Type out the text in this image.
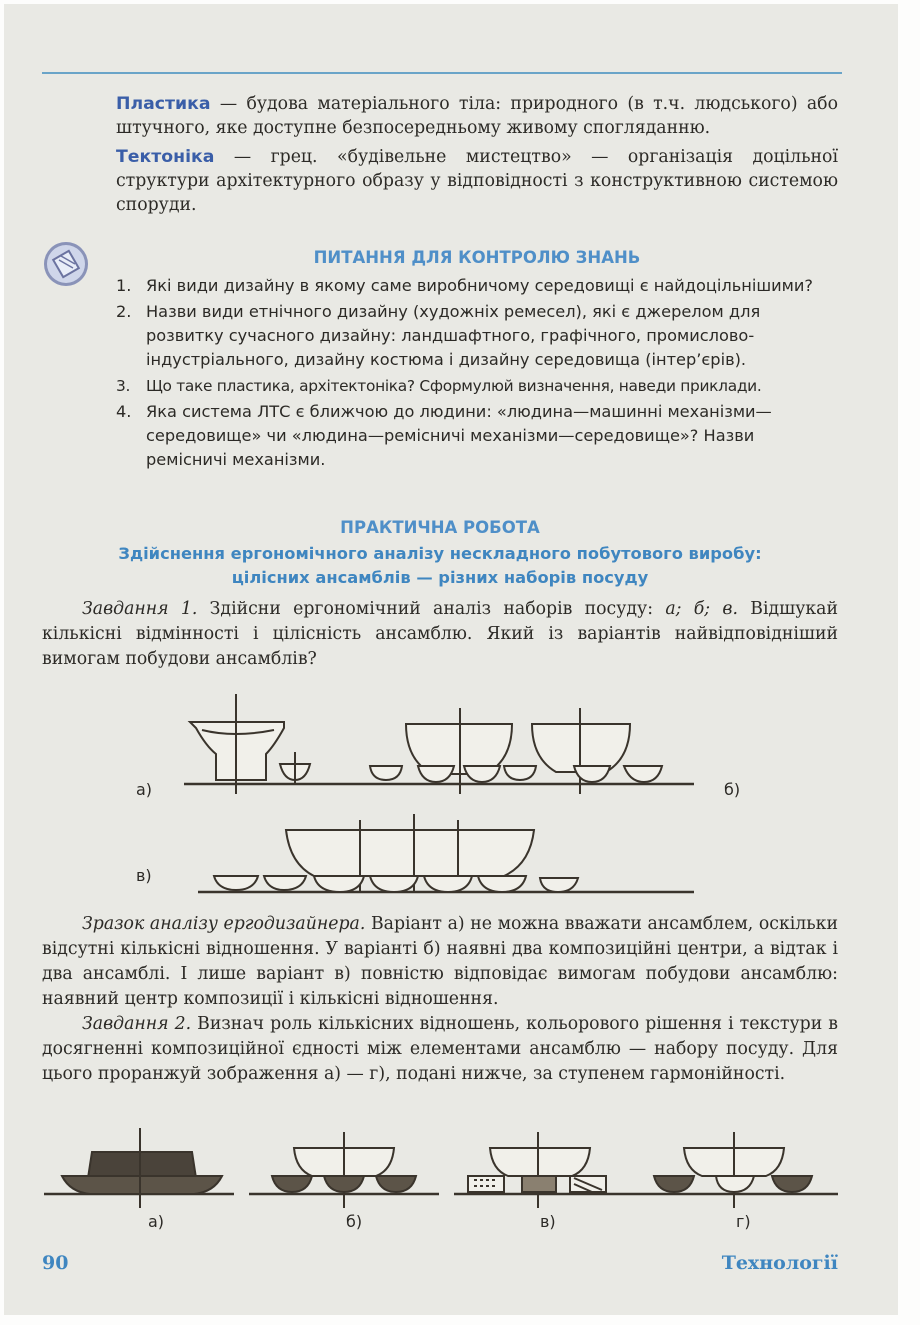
Пластика — будова матеріального тіла: природного (в т.ч. людського) або штучного, яке доступне безпосередньому живому спогляданню.

Тектоніка — грец. «будівельне мистецтво» — організація доцільної структури архітектурного образу у відповідності з конструктивною системою споруди.

ПИТАННЯ ДЛЯ КОНТРОЛЮ ЗНАНЬ
1. Які види дизайну в якому саме виробничому середовищі є найдоцільнішими?
2. Назви види етнічного дизайну (художніх ремесел), які є джерелом для розвитку сучасного дизайну: ландшафтного, графічного, промислово-індустріального, дизайну костюма і дизайну середовища (інтер’єрів).
3. Що таке пластика, архітектоніка? Сформулюй визначення, наведи приклади.
4. Яка система ЛТС є ближчою до людини: «людина—машинні механізми—середовище» чи «людина—ремісничі механізми—середовище»? Назви ремісничі механізми.
ПРАКТИЧНА РОБОТА
Здійснення ергономічного аналізу нескладного побутового виробу:
цілісних ансамблів — різних наборів посуду

Завдання 1. Здійсни ергономічний аналіз наборів посуду: а; б; в. Відшукай кількісні відмінності і цілісність ансамблю. Який із варіантів найвідповідніший вимогам побудови ансамблів?

а)	б)
в)
Зразок аналізу ергодизайнера. Варіант а) не можна вважати ансамблем, оскільки відсутні кількісні відношення. У варіанті б) наявні два композиційні центри, а відтак і два ансамблі. І лише варіант в) повністю відповідає вимогам побудови ансамблю: наявний центр композиції і кількісні відношення.
Завдання 2. Визнач роль кількісних відношень, кольорового рішення і текстури в досягненні композиційної єдності між елементами ансамблю — набору посуду. Для цього проранжуй зображення а) — г), подані нижче, за ступенем гармонійності.
а)	б)	в)	г)
90	Технології
